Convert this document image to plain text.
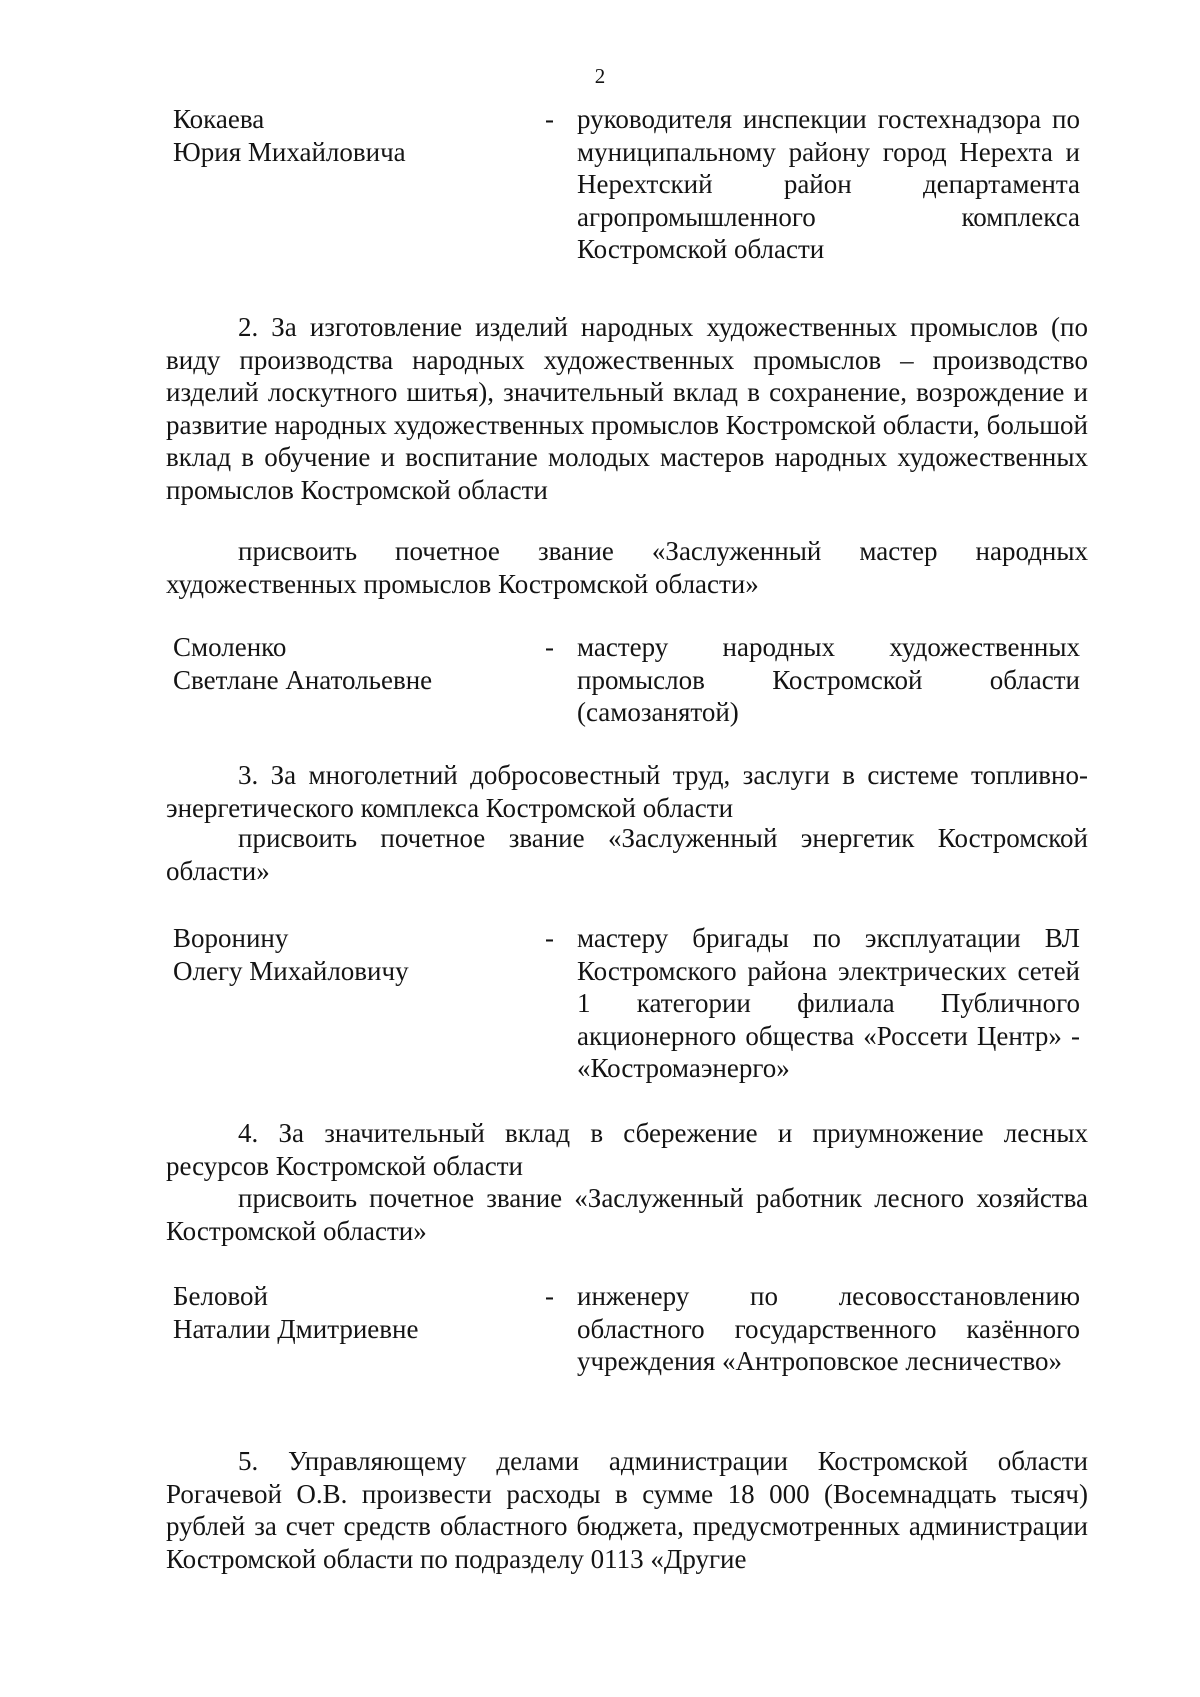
2
Кокаева
Юрия Михайловича
- руководителя инспекции гостехнадзора по муниципальному району город Нерехта и Нерехтский район департамента агропромышленного комплекса Костромской области

2. За изготовление изделий народных художественных промыслов (по виду производства народных художественных промыслов – производство изделий лоскутного шитья), значительный вклад в сохранение, возрождение и развитие народных художественных промыслов Костромской области, большой вклад в обучение и воспитание молодых мастеров народных художественных промыслов Костромской области

присвоить почетное звание «Заслуженный мастер народных художественных промыслов Костромской области»

Смоленко
Светлане Анатольевне
- мастеру народных художественных промыслов Костромской области (самозанятой)

3. За многолетний добросовестный труд, заслуги в системе топливно-энергетического комплекса Костромской области

присвоить почетное звание «Заслуженный энергетик Костромской области»

Воронину
Олегу Михайловичу
- мастеру бригады по эксплуатации ВЛ Костромского района электрических сетей 1 категории филиала Публичного акционерного общества «Россети Центр» - «Костромаэнерго»

4. За значительный вклад в сбережение и приумножение лесных ресурсов Костромской области

присвоить почетное звание «Заслуженный работник лесного хозяйства Костромской области»

Беловой
Наталии Дмитриевне
- инженеру по лесовосстановлению областного государственного казённого учреждения «Антроповское лесничество»

5. Управляющему делами администрации Костромской области Рогачевой О.В. произвести расходы в сумме 18 000 (Восемнадцать тысяч) рублей за счет средств областного бюджета, предусмотренных администрации Костромской области по подразделу 0113 «Другие
